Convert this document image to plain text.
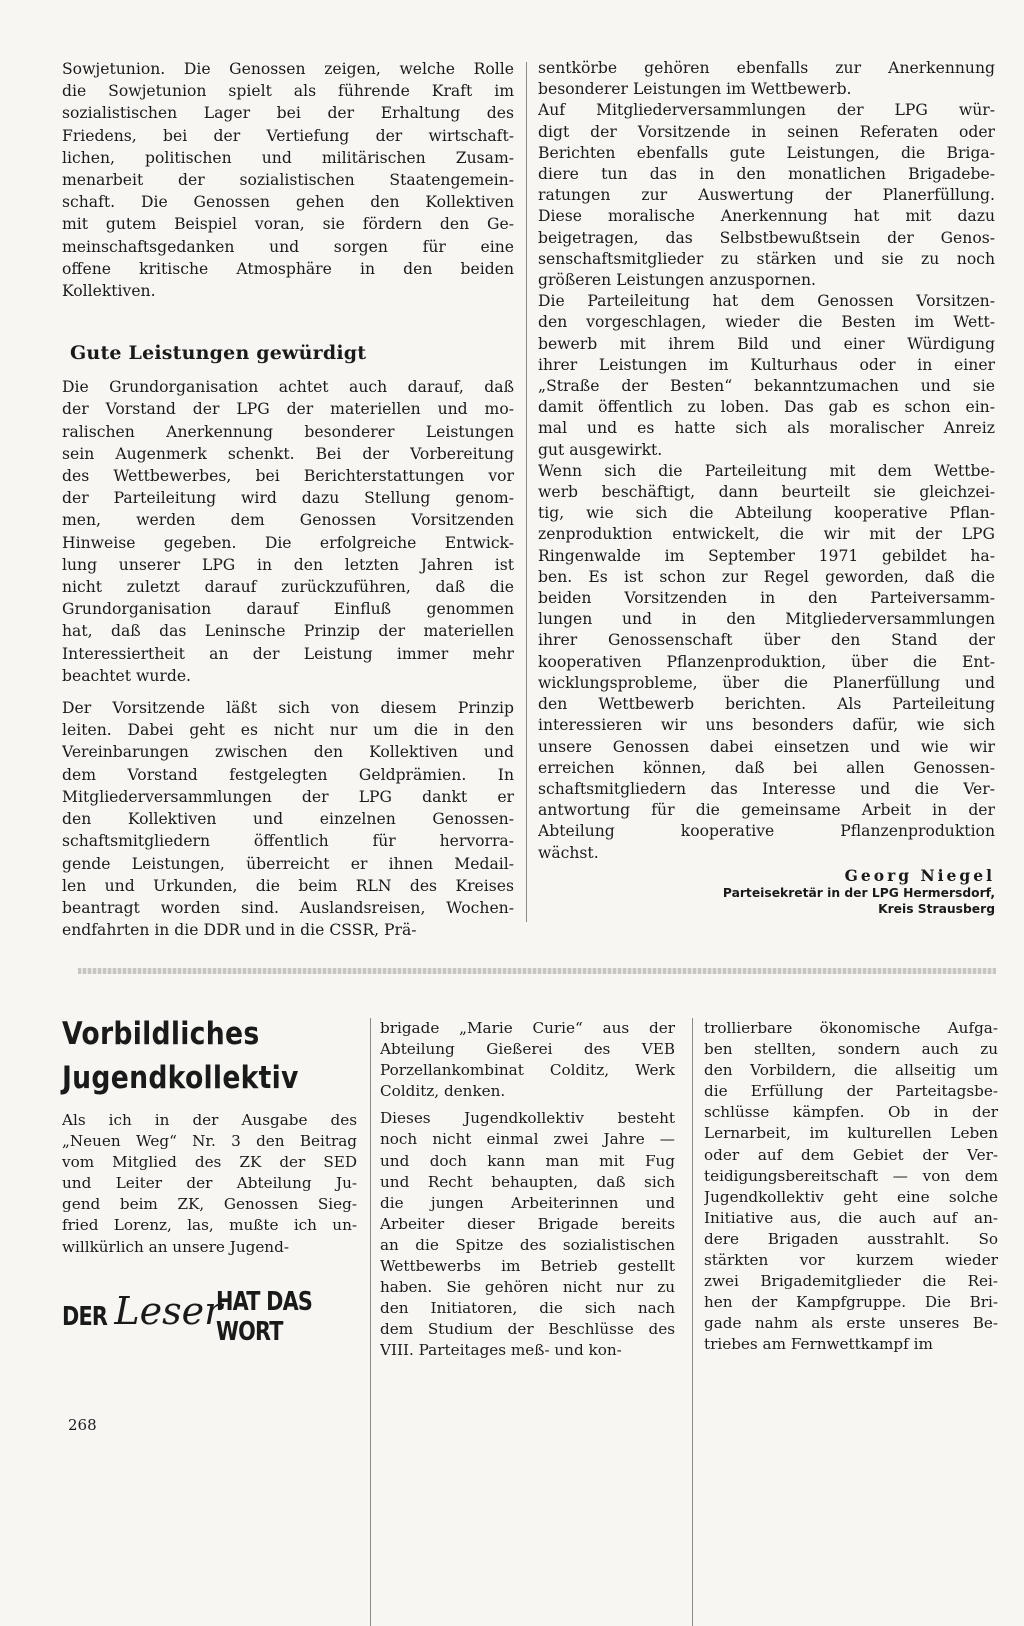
Sowjetunion. Die Genossen zeigen, welche Rolle

die Sowjetunion spielt als führende Kraft im

sozialistischen Lager bei der Erhaltung des

Friedens, bei der Vertiefung der wirtschaft-

lichen, politischen und militärischen Zusam-

menarbeit der sozialistischen Staatengemein-

schaft. Die Genossen gehen den Kollektiven

mit gutem Beispiel voran, sie fördern den Ge-

meinschaftsgedanken und sorgen für eine

offene kritische Atmosphäre in den beiden

Kollektiven.

Gute Leistungen gewürdigt

Die Grundorganisation achtet auch darauf, daß

der Vorstand der LPG der materiellen und mo-

ralischen Anerkennung besonderer Leistungen

sein Augenmerk schenkt. Bei der Vorbereitung

des Wettbewerbes, bei Berichterstattungen vor

der Parteileitung wird dazu Stellung genom-

men, werden dem Genossen Vorsitzenden

Hinweise gegeben. Die erfolgreiche Entwick-

lung unserer LPG in den letzten Jahren ist

nicht zuletzt darauf zurückzuführen, daß die

Grundorganisation darauf Einfluß genommen

hat, daß das Leninsche Prinzip der materiellen

Interessiertheit an der Leistung immer mehr

beachtet wurde.

Der Vorsitzende läßt sich von diesem Prinzip

leiten. Dabei geht es nicht nur um die in den

Vereinbarungen zwischen den Kollektiven und

dem Vorstand festgelegten Geldprämien. In

Mitgliederversammlungen der LPG dankt er

den Kollektiven und einzelnen Genossen-

schaftsmitgliedern öffentlich für hervorra-

gende Leistungen, überreicht er ihnen Medail-

len und Urkunden, die beim RLN des Kreises

beantragt worden sind. Auslandsreisen, Wochen-

endfahrten in die DDR und in die CSSR, Prä-

sentkörbe gehören ebenfalls zur Anerkennung

besonderer Leistungen im Wettbewerb.

Auf Mitgliederversammlungen der LPG wür-

digt der Vorsitzende in seinen Referaten oder

Berichten ebenfalls gute Leistungen, die Briga-

diere tun das in den monatlichen Brigadebe-

ratungen zur Auswertung der Planerfüllung.

Diese moralische Anerkennung hat mit dazu

beigetragen, das Selbstbewußtsein der Genos-

senschaftsmitglieder zu stärken und sie zu noch

größeren Leistungen anzuspornen.

Die Parteileitung hat dem Genossen Vorsitzen-

den vorgeschlagen, wieder die Besten im Wett-

bewerb mit ihrem Bild und einer Würdigung

ihrer Leistungen im Kulturhaus oder in einer

„Straße der Besten“ bekanntzumachen und sie

damit öffentlich zu loben. Das gab es schon ein-

mal und es hatte sich als moralischer Anreiz

gut ausgewirkt.

Wenn sich die Parteileitung mit dem Wettbe-

werb beschäftigt, dann beurteilt sie gleichzei-

tig, wie sich die Abteilung kooperative Pflan-

zenproduktion entwickelt, die wir mit der LPG

Ringenwalde im September 1971 gebildet ha-

ben. Es ist schon zur Regel geworden, daß die

beiden Vorsitzenden in den Parteiversamm-

lungen und in den Mitgliederversammlungen

ihrer Genossenschaft über den Stand der

kooperativen Pflanzenproduktion, über die Ent-

wicklungsprobleme, über die Planerfüllung und

den Wettbewerb berichten. Als Parteileitung

interessieren wir uns besonders dafür, wie sich

unsere Genossen dabei einsetzen und wie wir

erreichen können, daß bei allen Genossen-

schaftsmitgliedern das Interesse und die Ver-

antwortung für die gemeinsame Arbeit in der

Abteilung kooperative Pflanzenproduktion

wächst.

Georg Niegel
Parteisekretär in der LPG Hermersdorf,
Kreis Strausberg
Vorbildliches
Jugendkollektiv

Als ich in der Ausgabe des

„Neuen Weg“ Nr. 3 den Beitrag

vom Mitglied des ZK der SED

und Leiter der Abteilung Ju-

gend beim ZK, Genossen Sieg-

fried Lorenz, las, mußte ich un-

willkürlich an unsere Jugend-

DER Leser
HAT DAS WORT

brigade „Marie Curie“ aus der

Abteilung Gießerei des VEB

Porzellankombinat Colditz, Werk

Colditz, denken.

Dieses Jugendkollektiv besteht

noch nicht einmal zwei Jahre —

und doch kann man mit Fug

und Recht behaupten, daß sich

die jungen Arbeiterinnen und

Arbeiter dieser Brigade bereits

an die Spitze des sozialistischen

Wettbewerbs im Betrieb gestellt

haben. Sie gehören nicht nur zu

den Initiatoren, die sich nach

dem Studium der Beschlüsse des

VIII. Parteitages meß- und kon-

trollierbare ökonomische Aufga-

ben stellten, sondern auch zu

den Vorbildern, die allseitig um

die Erfüllung der Parteitagsbe-

schlüsse kämpfen. Ob in der

Lernarbeit, im kulturellen Leben

oder auf dem Gebiet der Ver-

teidigungsbereitschaft — von dem

Jugendkollektiv geht eine solche

Initiative aus, die auch auf an-

dere Brigaden ausstrahlt. So

stärkten vor kurzem wieder

zwei Brigademitglieder die Rei-

hen der Kampfgruppe. Die Bri-

gade nahm als erste unseres Be-

triebes am Fernwettkampf im

268
